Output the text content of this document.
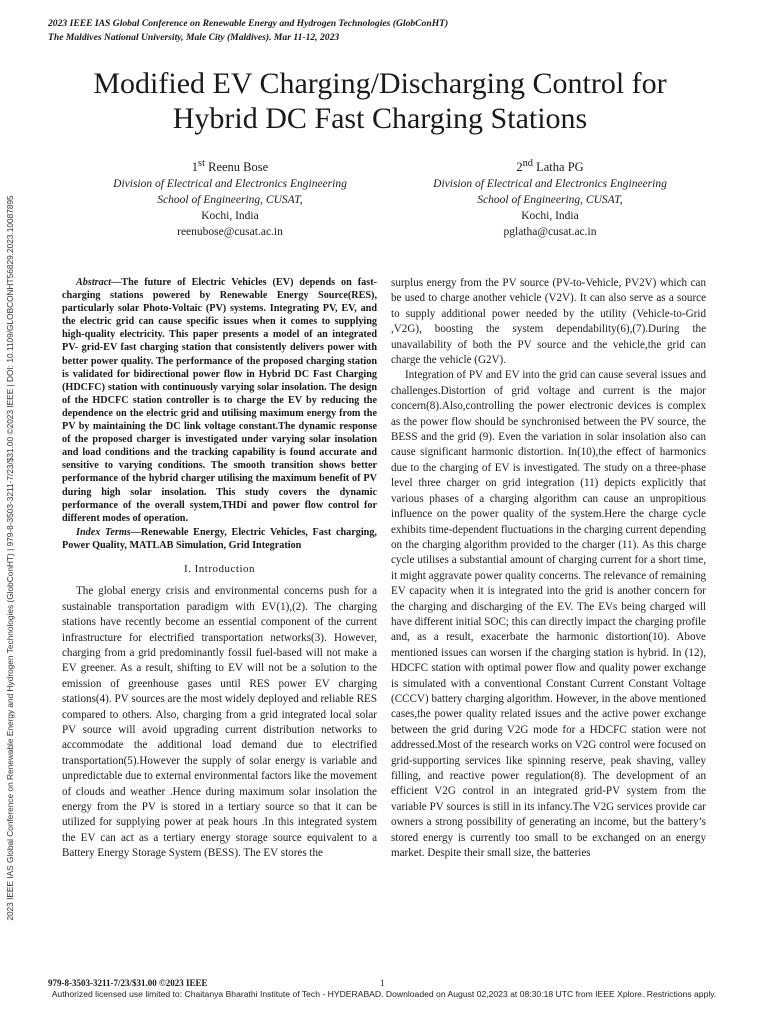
2023 IEEE IAS Global Conference on Renewable Energy and Hydrogen Technologies (GlobConHT)
The Maldives National University, Male City (Maldives). Mar 11-12, 2023
Modified EV Charging/Discharging Control for
Hybrid DC Fast Charging Stations
2023 IEEE IAS Global Conference on Renewable Energy and Hydrogen Technologies (GlobConHT) | 979-8-3503-3211-7/23/$31.00 ©2023 IEEE | DOI: 10.1109/GLOBCONHT56829.2023.10087895
1st Reenu Bose
Division of Electrical and Electronics Engineering
School of Engineering, CUSAT,
Kochi, India
reenubose@cusat.ac.in
2nd Latha PG
Division of Electrical and Electronics Engineering
School of Engineering, CUSAT,
Kochi, India
pglatha@cusat.ac.in

Abstract—The future of Electric Vehicles (EV) depends on fast-charging stations powered by Renewable Energy Source(RES), particularly solar Photo-Voltaic (PV) systems. Integrating PV, EV, and the electric grid can cause specific issues when it comes to supplying high-quality electricity. This paper presents a model of an integrated PV- grid-EV fast charging station that consistently delivers power with better power quality. The performance of the proposed charging station is validated for bidirectional power flow in Hybrid DC Fast Charging (HDCFC) station with continuously varying solar insolation. The design of the HDCFC station controller is to charge the EV by reducing the dependence on the electric grid and utilising maximum energy from the PV by maintaining the DC link voltage constant.The dynamic response of the proposed charger is investigated under varying solar insolation and load conditions and the tracking capability is found accurate and sensitive to varying conditions. The smooth transition shows better performance of the hybrid charger utilising the maximum benefit of PV during high solar insolation. This study covers the dynamic performance of the overall system,THDi and power flow control for different modes of operation.

Index Terms—Renewable Energy, Electric Vehicles, Fast charging, Power Quality, MATLAB Simulation, Grid Integration

I. Introduction

The global energy crisis and environmental concerns push for a sustainable transportation paradigm with EV(1),(2). The charging stations have recently become an essential component of the current infrastructure for electrified transportation networks(3). However, charging from a grid predominantly fossil fuel-based will not make a EV greener. As a result, shifting to EV will not be a solution to the emission of greenhouse gases until RES power EV charging stations(4). PV sources are the most widely deployed and reliable RES compared to others. Also, charging from a grid integrated local solar PV source will avoid upgrading current distribution networks to accommodate the additional load demand due to electrified transportation(5).However the supply of solar energy is variable and unpredictable due to external environmental factors like the movement of clouds and weather .Hence during maximum solar insolation the energy from the PV is stored in a tertiary source so that it can be utilized for supplying power at peak hours .In this integrated system the EV can act as a tertiary energy storage source equivalent to a Battery Energy Storage System (BESS). The EV stores the

surplus energy from the PV source (PV-to-Vehicle, PV2V) which can be used to charge another vehicle (V2V). It can also serve as a source to supply additional power needed by the utility (Vehicle-to-Grid ,V2G), boosting the system dependability(6),(7).During the unavailability of both the PV source and the vehicle,the grid can charge the vehicle (G2V).

Integration of PV and EV into the grid can cause several issues and challenges.Distortion of grid voltage and current is the major concern(8).Also,controlling the power electronic devices is complex as the power flow should be synchronised between the PV source, the BESS and the grid (9). Even the variation in solar insolation also can cause significant harmonic distortion. In(10),the effect of harmonics due to the charging of EV is investigated. The study on a three-phase level three charger on grid integration (11) depicts explicitly that various phases of a charging algorithm can cause an unpropitious influence on the power quality of the system.Here the charge cycle exhibits time-dependent fluctuations in the charging current depending on the charging algorithm provided to the charger (11). As this charge cycle utilises a substantial amount of charging current for a short time, it might aggravate power quality concerns. The relevance of remaining EV capacity when it is integrated into the grid is another concern for the charging and discharging of the EV. The EVs being charged will have different initial SOC; this can directly impact the charging profile and, as a result, exacerbate the harmonic distortion(10). Above mentioned issues can worsen if the charging station is hybrid. In (12), HDCFC station with optimal power flow and quality power exchange is simulated with a conventional Constant Current Constant Voltage (CCCV) battery charging algorithm. However, in the above mentioned cases,the power quality related issues and the active power exchange between the grid during V2G mode for a HDCFC station were not addressed.Most of the research works on V2G control were focused on grid-supporting services like spinning reserve, peak shaving, valley filling, and reactive power regulation(8). The development of an efficient V2G control in an integrated grid-PV system from the variable PV sources is still in its infancy.The V2G services provide car owners a strong possibility of generating an income, but the battery’s stored energy is currently too small to be exchanged on an energy market. Despite their small size, the batteries

979-8-3503-3211-7/23/$31.00 ©2023 IEEE	1
Authorized licensed use limited to: Chaitanya Bharathi Institute of Tech - HYDERABAD. Downloaded on August 02,2023 at 08:30:18 UTC from IEEE Xplore. Restrictions apply.
